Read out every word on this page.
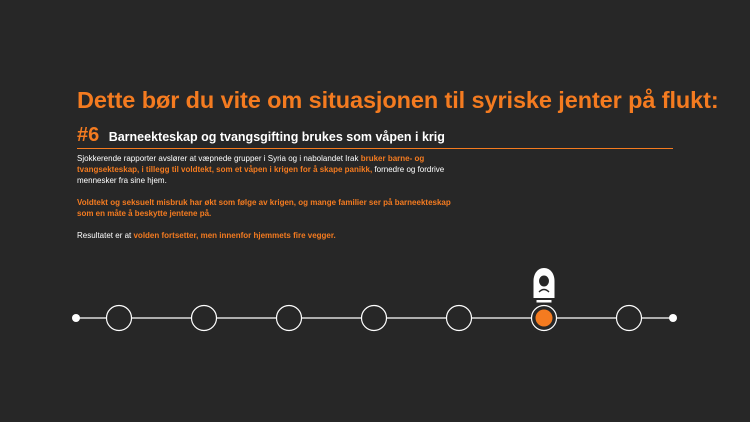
Dette bør du vite om situasjonen til syriske jenter på flukt:
#6 Barneekteskap og tvangsgifting brukes som våpen i krig

Sjokkerende rapporter avslører at væpnede grupper i Syria og i nabolandet Irak bruker barne- og tvangsekteskap, i tillegg til voldtekt, som et våpen i krigen for å skape panikk, fornedre og fordrive mennesker fra sine hjem.

Voldtekt og seksuelt misbruk har økt som følge av krigen, og mange familier ser på barneekteskap som en måte å beskytte jentene på.

Resultatet er at volden fortsetter, men innenfor hjemmets fire vegger.
